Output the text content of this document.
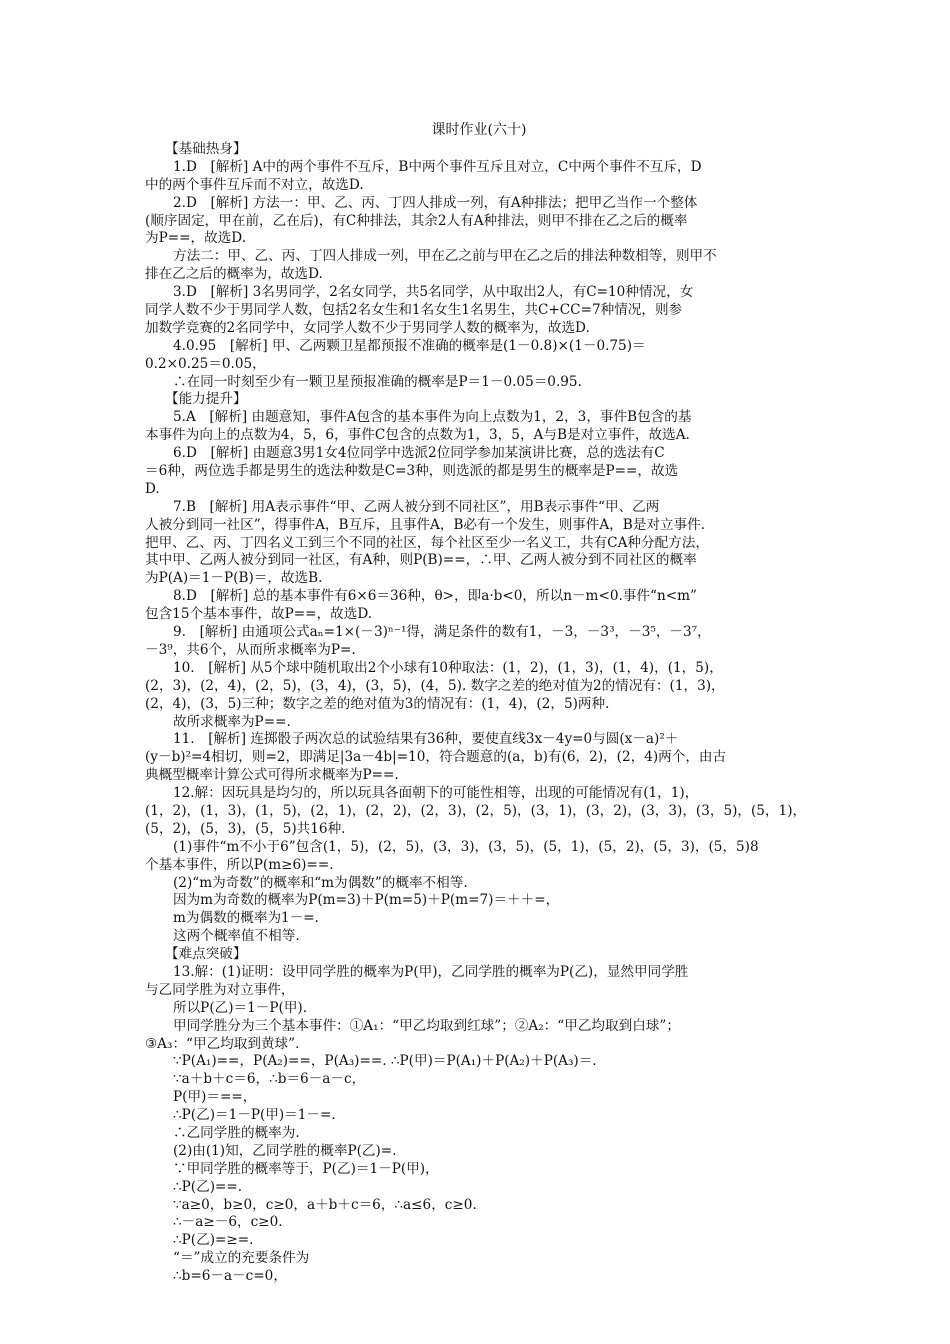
课时作业(六十)
【基础热身】
1.D　[解析] A中的两个事件不互斥，B中两个事件互斥且对立，C中两个事件不互斥，D
中的两个事件互斥而不对立，故选D.
2.D　[解析] 方法一：甲、乙、丙、丁四人排成一列，有A种排法；把甲乙当作一个整体
(顺序固定，甲在前，乙在后)，有C种排法，其余2人有A种排法，则甲不排在乙之后的概率
为P==，故选D.
方法二：甲、乙、丙、丁四人排成一列，甲在乙之前与甲在乙之后的排法种数相等，则甲不
排在乙之后的概率为，故选D.
3.D　[解析] 3名男同学，2名女同学，共5名同学，从中取出2人，有C=10种情况，女
同学人数不少于男同学人数，包括2名女生和1名女生1名男生，共C+CC=7种情况，则参
加数学竞赛的2名同学中，女同学人数不少于男同学人数的概率为，故选D.
4.0.95　[解析] 甲、乙两颗卫星都预报不准确的概率是(1－0.8)×(1－0.75)＝
0.2×0.25＝0.05，
∴在同一时刻至少有一颗卫星预报准确的概率是P＝1－0.05＝0.95.
【能力提升】
5.A　[解析] 由题意知，事件A包含的基本事件为向上点数为1，2，3，事件B包含的基
本事件为向上的点数为4，5，6，事件C包含的点数为1，3，5，A与B是对立事件，故选A.
6.D　[解析] 由题意3男1女4位同学中选派2位同学参加某演讲比赛，总的选法有C
＝6种，两位选手都是男生的选法种数是C=3种，则选派的都是男生的概率是P==，故选
D.
7.B　[解析] 用A表示事件“甲、乙两人被分到不同社区”，用B表示事件“甲、乙两
人被分到同一社区”，得事件A，B互斥，且事件A，B必有一个发生，则事件A，B是对立事件.
把甲、乙、丙、丁四名义工到三个不同的社区，每个社区至少一名义工，共有CA种分配方法，
其中甲、乙两人被分到同一社区，有A种，则P(B)==，∴甲、乙两人被分到不同社区的概率
为P(A)＝1－P(B)＝，故选B.
8.D　[解析] 总的基本事件有6×6＝36种，θ>，即a·b<0，所以n－m<0.事件“n<m”
包含15个基本事件，故P==，故选D.
9.　[解析] 由通项公式aₙ=1×(－3)ⁿ⁻¹得，满足条件的数有1，－3，－3³，－3⁵，－3⁷，
－3⁹，共6个，从而所求概率为P=.
10.　[解析] 从5个球中随机取出2个小球有10种取法：(1，2)，(1，3)，(1，4)，(1，5)，
(2，3)，(2，4)，(2，5)，(3，4)，(3，5)，(4，5). 数字之差的绝对值为2的情况有：(1，3)，
(2，4)，(3，5)三种；数字之差的绝对值为3的情况有：(1，4)，(2，5)两种.
故所求概率为P==.
11.　[解析] 连掷骰子两次总的试验结果有36种，要使直线3x－4y=0与圆(x－a)²＋
(y－b)²=4相切，则=2，即满足|3a－4b|=10，符合题意的(a，b)有(6，2)，(2，4)两个，由古
典概型概率计算公式可得所求概率为P==.
12.解：因玩具是均匀的，所以玩具各面朝下的可能性相等，出现的可能情况有(1，1)，
(1，2)，(1，3)，(1，5)，(2，1)，(2，2)，(2，3)，(2，5)，(3，1)，(3，2)，(3，3)，(3，5)，(5，1)，
(5，2)，(5，3)，(5，5)共16种.
(1)事件“m不小于6”包含(1，5)，(2，5)，(3，3)，(3，5)，(5，1)，(5，2)，(5，3)，(5，5)8
个基本事件，所以P(m≥6)==.
(2)“m为奇数”的概率和“m为偶数”的概率不相等.
因为m为奇数的概率为P(m=3)＋P(m=5)＋P(m=7)＝＋＋=，
m为偶数的概率为1－=.
这两个概率值不相等.
【难点突破】
13.解：(1)证明：设甲同学胜的概率为P(甲)，乙同学胜的概率为P(乙)，显然甲同学胜
与乙同学胜为对立事件，
所以P(乙)＝1－P(甲).
甲同学胜分为三个基本事件：①A₁：“甲乙均取到红球”；②A₂：“甲乙均取到白球”；
③A₃：“甲乙均取到黄球”.
∵P(A₁)==，P(A₂)==，P(A₃)==. ∴P(甲)＝P(A₁)＋P(A₂)＋P(A₃)＝.
∵a＋b＋c＝6，∴b＝6－a－c，
P(甲)＝==，
∴P(乙)＝1－P(甲)＝1－=.
∴乙同学胜的概率为.
(2)由(1)知，乙同学胜的概率P(乙)=.
∵甲同学胜的概率等于，P(乙)＝1－P(甲)，
∴P(乙)==.
∵a≥0，b≥0，c≥0，a＋b＋c＝6，∴a≤6，c≥0.
∴－a≥－6，c≥0.
∴P(乙)=≥=.
“＝”成立的充要条件为
∴b=6－a－c=0，
